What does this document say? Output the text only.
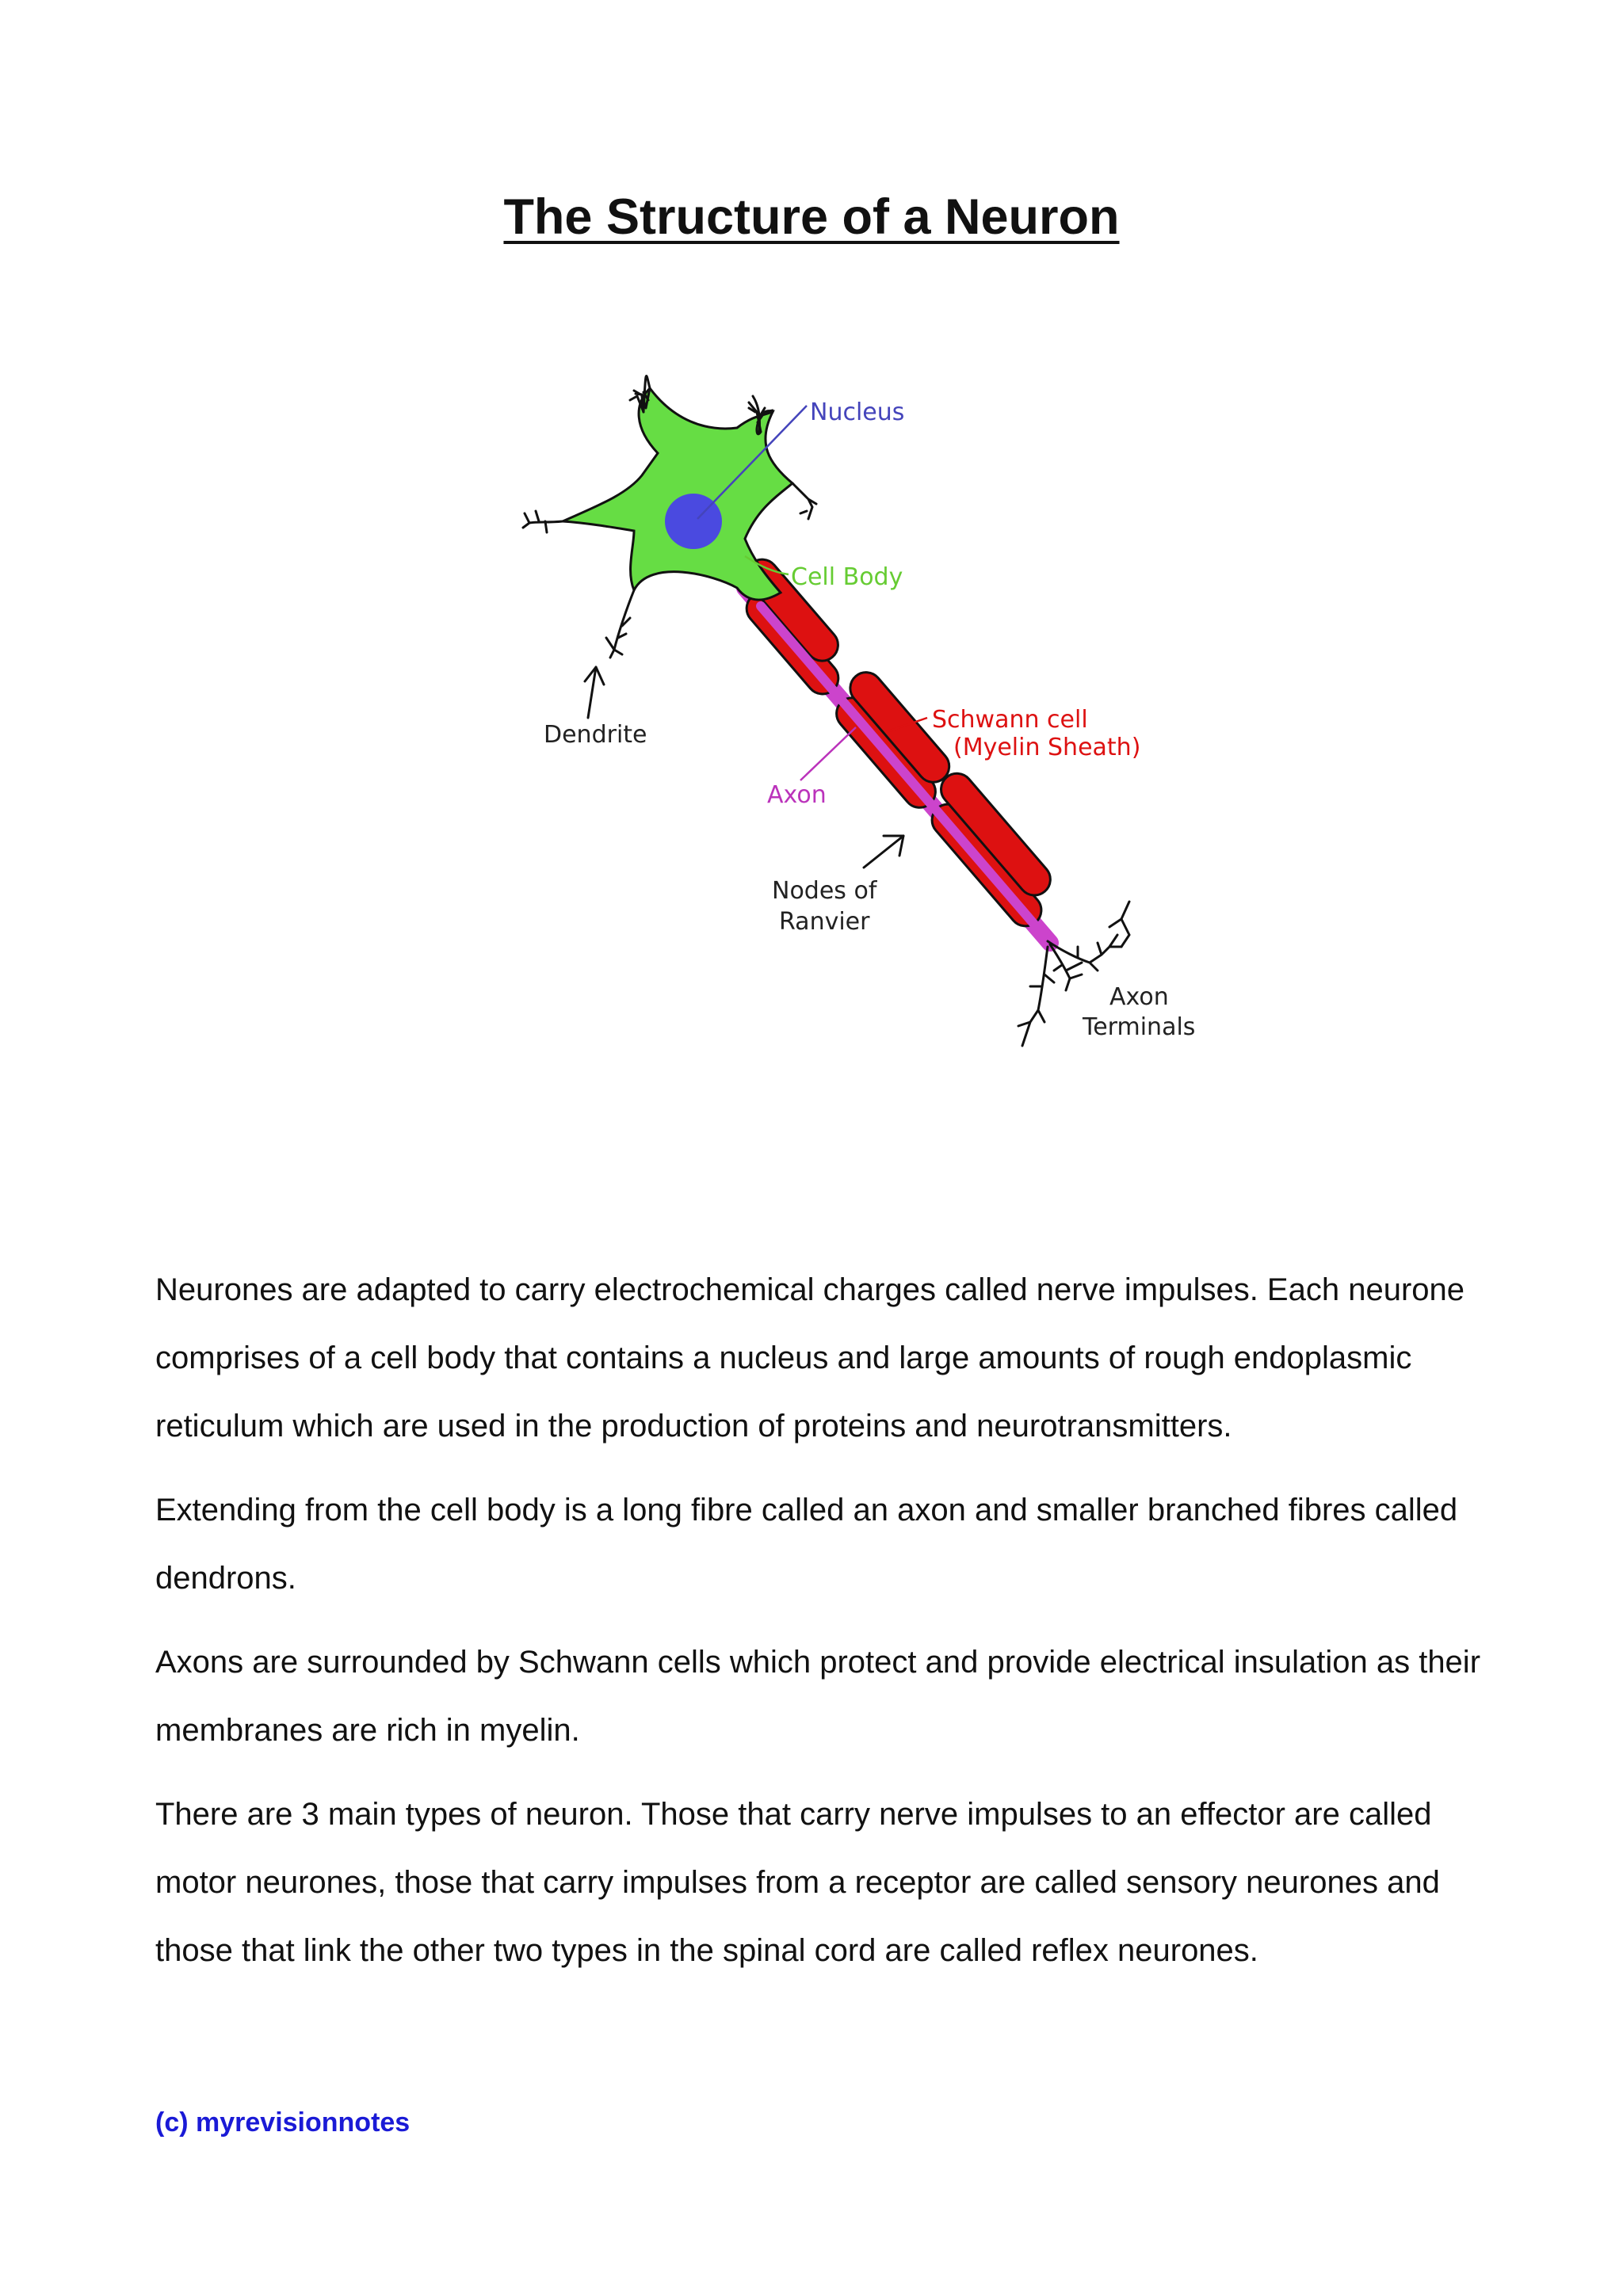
The Structure of a Neuron
Nucleus
Cell Body
Dendrite
Schwann cell
(Myelin Sheath)
Axon
Nodes of
Ranvier
Axon
Terminals

Neurones are adapted to carry electrochemical charges called nerve impulses. Each neurone comprises of a cell body that contains a nucleus and large amounts of rough endoplasmic reticulum which are used in the production of proteins and neurotransmitters.

Extending from the cell body is a long fibre called an axon and smaller branched fibres called dendrons.

Axons are surrounded by Schwann cells which protect and provide electrical insulation as their membranes are rich in myelin.

There are 3 main types of neuron. Those that carry nerve impulses to an effector are called motor neurones, those that carry impulses from a receptor are called sensory neurones and those that link the other two types in the spinal cord are called reflex neurones.

(c) myrevisionnotes
